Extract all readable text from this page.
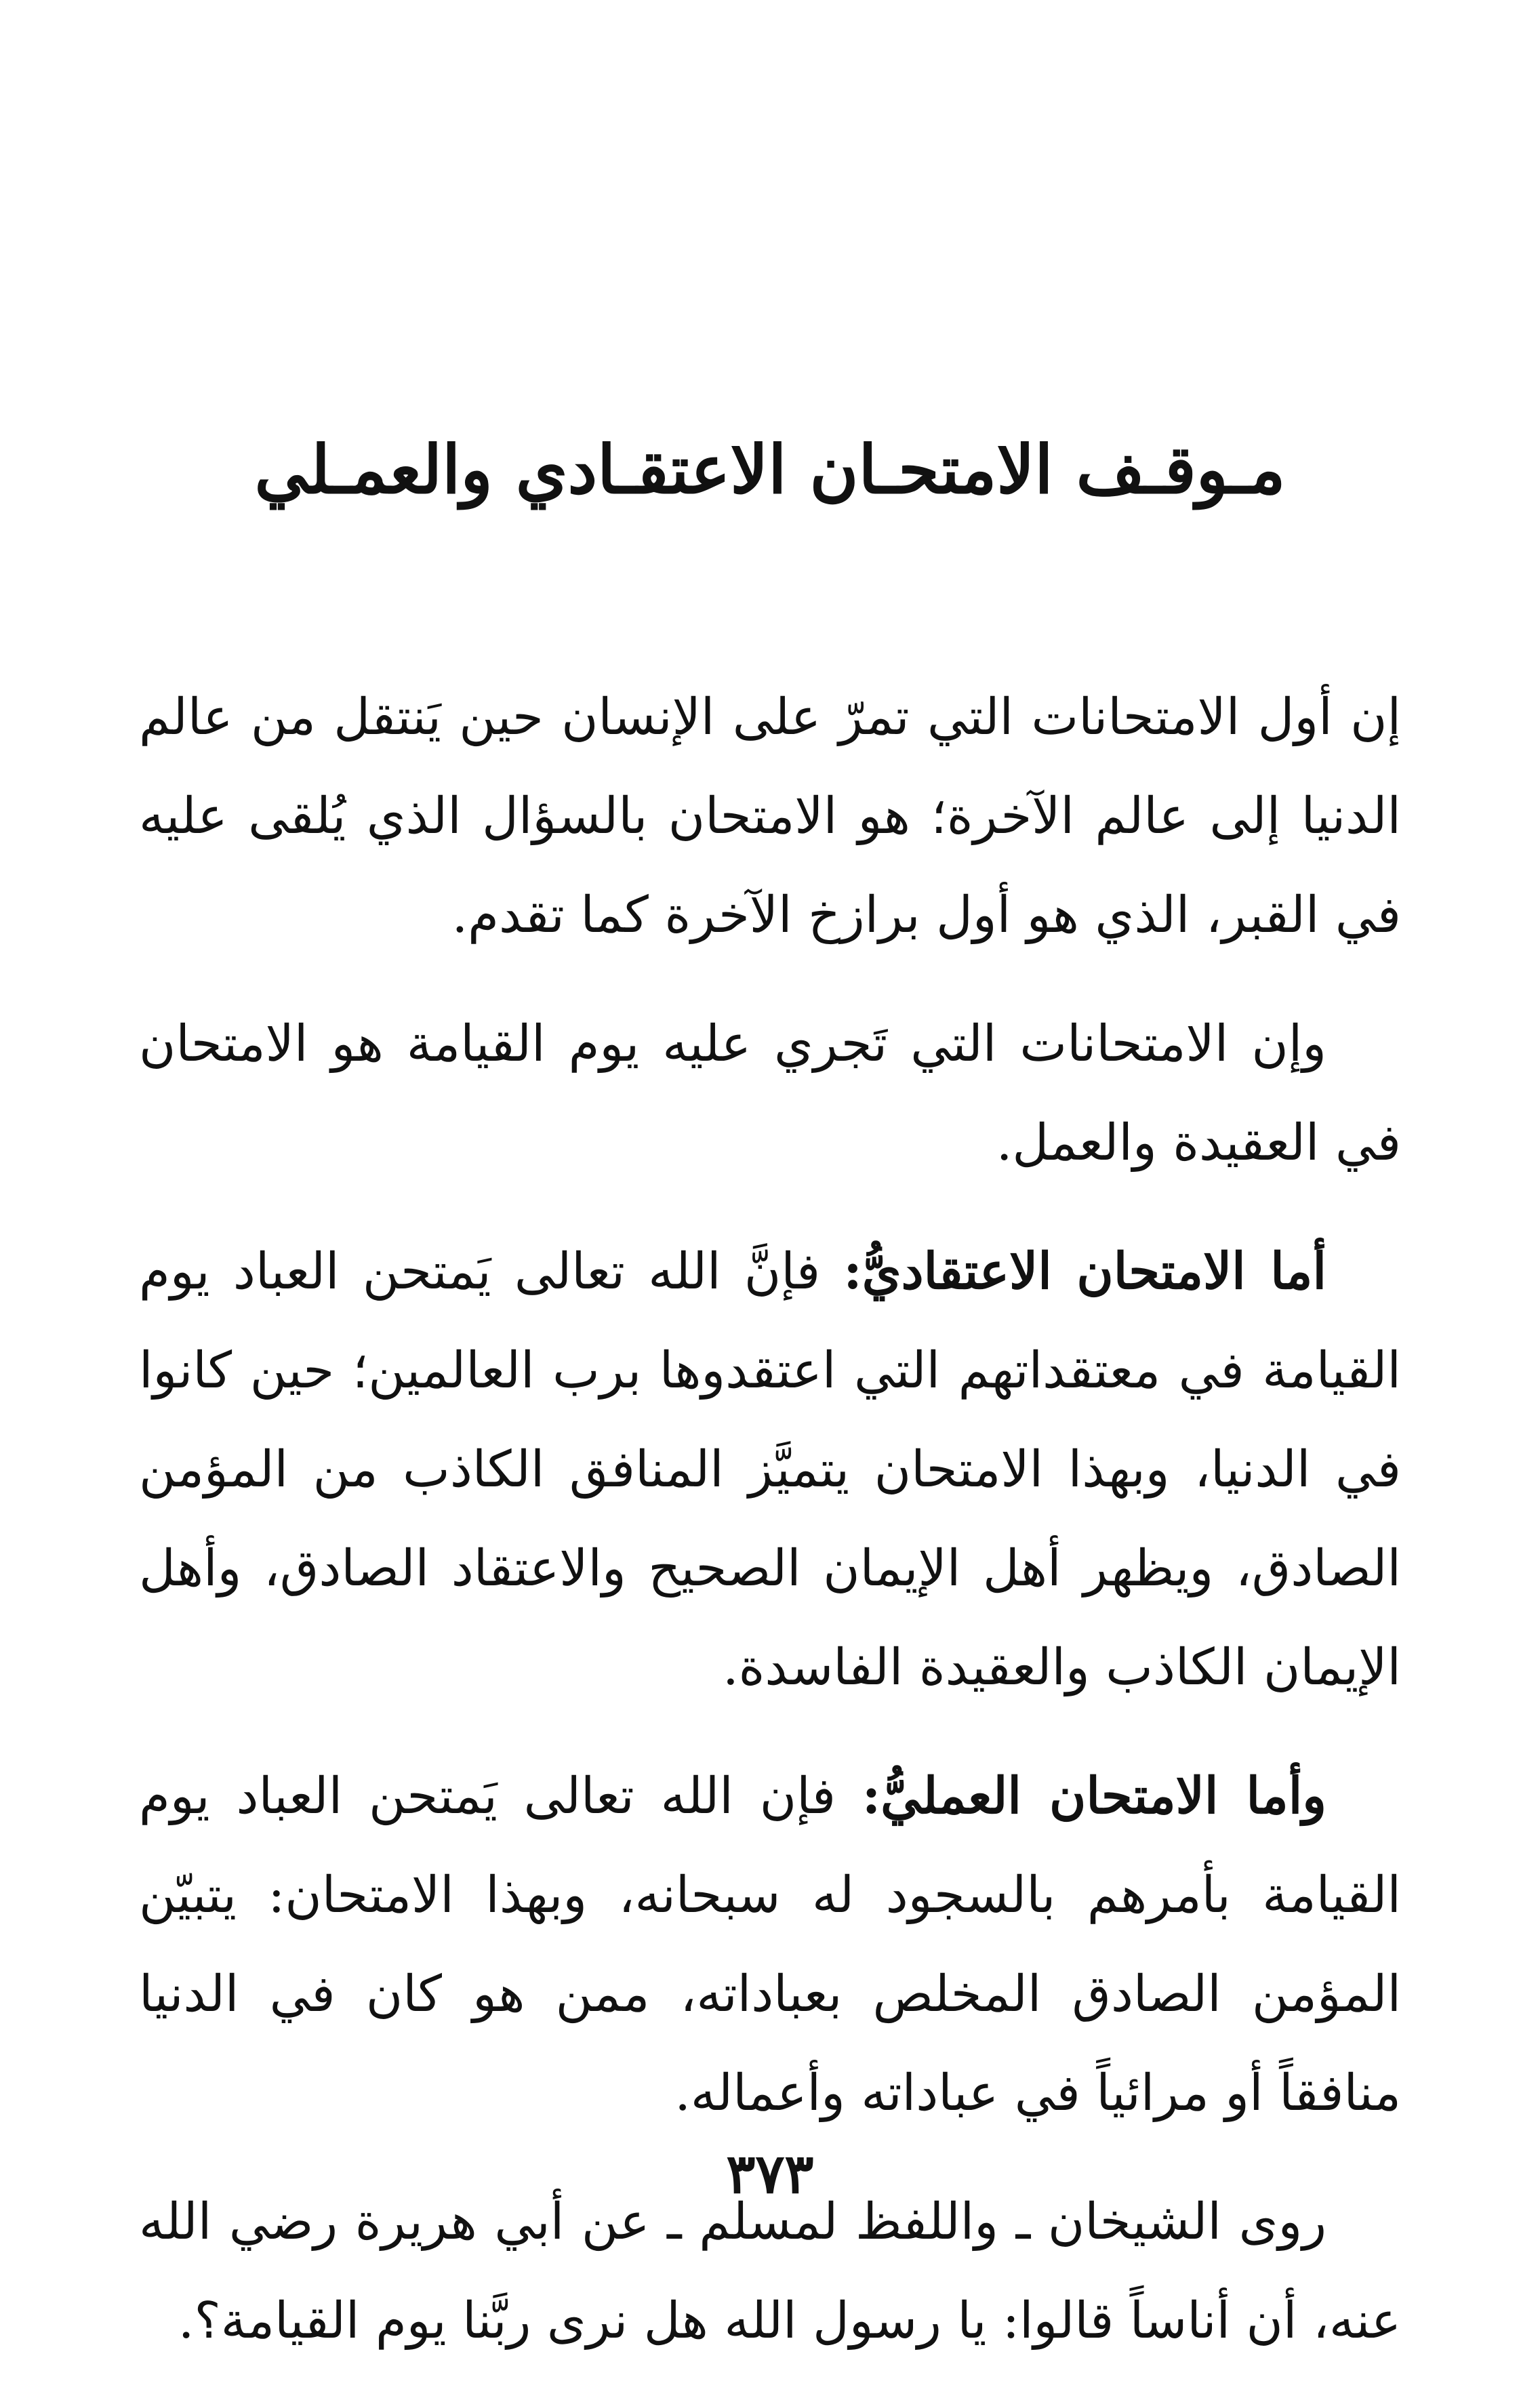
مـوقـف الامتحـان الاعتقـادي والعمـلي

إن أول الامتحانات التي تمرّ على الإنسان حين يَنتقل من عالم الدنيا إلى عالم الآخرة؛ هو الامتحان بالسؤال الذي يُلقى عليه في القبر، الذي هو أول برازخ الآخرة كما تقدم.

وإن الامتحانات التي تَجري عليه يوم القيامة هو الامتحان في العقيدة والعمل.

أما الامتحان الاعتقاديُّ: فإنَّ الله تعالى يَمتحن العباد يوم القيامة في معتقداتهم التي اعتقدوها برب العالمين؛ حين كانوا في الدنيا، وبهذا الامتحان يتميَّز المنافق الكاذب من المؤمن الصادق، ويظهر أهل الإيمان الصحيح والاعتقاد الصادق، وأهل الإيمان الكاذب والعقيدة الفاسدة.

وأما الامتحان العمليُّ: فإن الله تعالى يَمتحن العباد يوم القيامة بأمرهم بالسجود له سبحانه، وبهذا الامتحان: يتبيّن المؤمن الصادق المخلص بعباداته، ممن هو كان في الدنيا منافقاً أو مرائياً في عباداته وأعماله.

روى الشيخان ـ واللفظ لمسلم ـ عن أبي هريرة رضي الله عنه، أن أناساً قالوا: يا رسول الله هل نرى ربَّنا يوم القيامة؟.

٣٧٣
